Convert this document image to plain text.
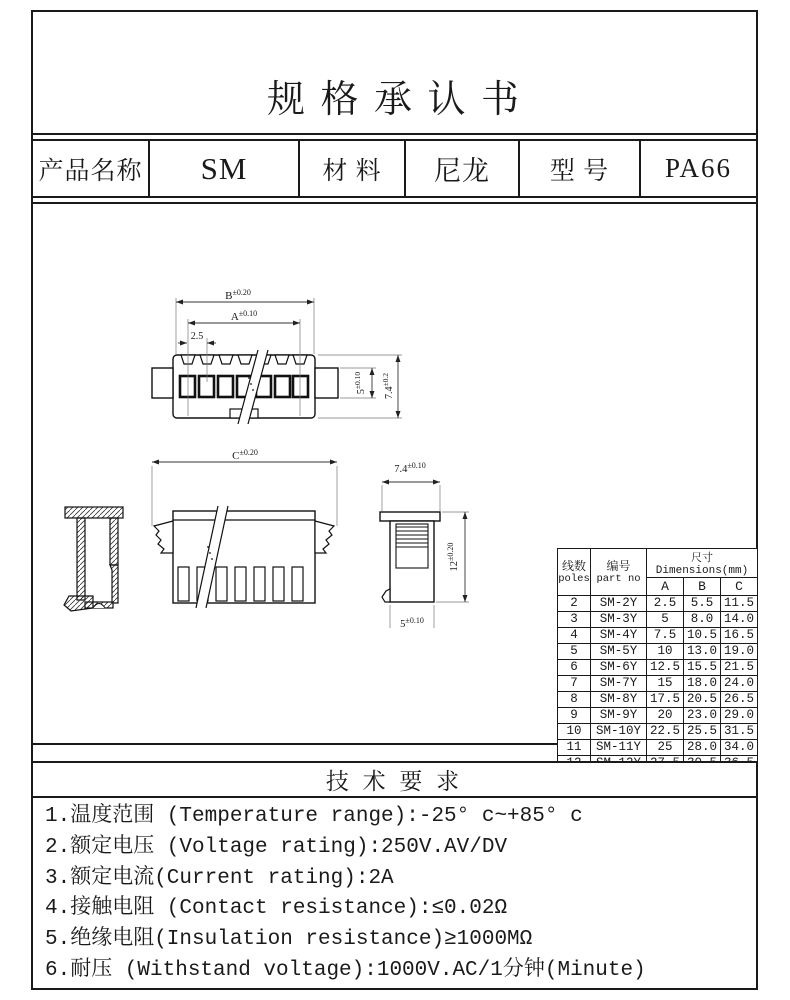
规 格 承 认 书
产品名称	SM	材 料	尼龙	型 号	PA66
$B^{\pm 0.20}$
$A^{\pm 0.10}$
2.5
$5^{\pm 0.10}$
$7.4^{\pm 0.2}$
$C^{\pm 0.20}$
$7.4^{\pm 0.10}$
$12^{\pm 0.20}$
$5^{\pm 0.10}$
线数
poles

编号
part no
	尺寸 Dimensions(mm)
		A	B	C
2	SM-2Y	2.5	5.5	11.5
3	SM-3Y	5	8.0	14.0
4	SM-4Y	7.5	10.5	16.5
5	SM-5Y	10	13.0	19.0
6	SM-6Y	12.5	15.5	21.5
7	SM-7Y	15	18.0	24.0
8	SM-8Y	17.5	20.5	26.5
9	SM-9Y	20	23.0	29.0
10	SM-10Y	22.5	25.5	31.5
11	SM-11Y	25	28.0	34.0

技 术 要 求
1.温度范围 (Temperature range):-25° c~+85° c
2.额定电压 (Voltage rating):250V.AV/DV
3.额定电流(Current rating):2A
4.接触电阻 (Contact resistance):≤0.02Ω
5.绝缘电阻(Insulation resistance)≥1000MΩ
6.耐压 (Withstand voltage):1000V.AC/1分钟(Minute)
